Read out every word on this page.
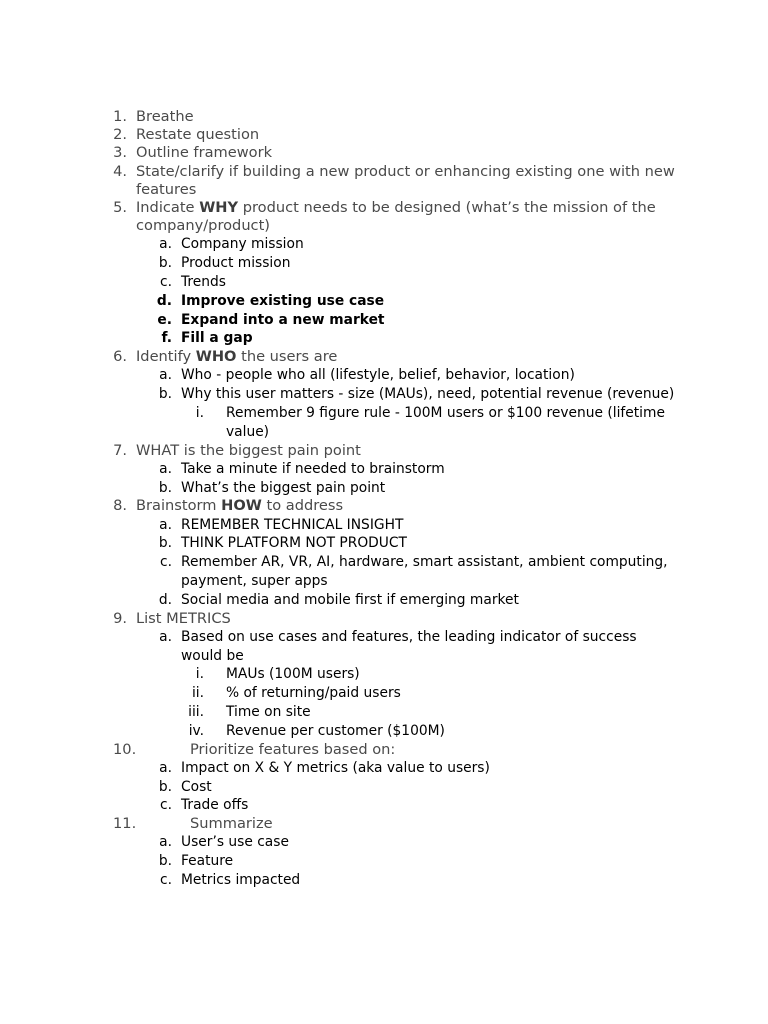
1. Breathe
2. Restate question
3. Outline framework
4. State/clarify if building a new product or enhancing existing one with new features
5. Indicate WHY product needs to be designed (what’s the mission of the company/product)
a. Company mission
b. Product mission
c. Trends
d. Improve existing use case
e. Expand into a new market
f. Fill a gap
6. Identify WHO the users are
a. Who - people who all (lifestyle, belief, behavior, location)
b. Why this user matters - size (MAUs), need, potential revenue (revenue)
i.	Remember 9 figure rule - 100M users or $100 revenue (lifetime value)
7. WHAT is the biggest pain point
a. Take a minute if needed to brainstorm
b. What’s the biggest pain point
8. Brainstorm HOW to address
a. REMEMBER TECHNICAL INSIGHT
b. THINK PLATFORM NOT PRODUCT
c. Remember AR, VR, AI, hardware, smart assistant, ambient computing, payment, super apps
d. Social media and mobile first if emerging market
9. List METRICS
a. Based on use cases and features, the leading indicator of success would be
i.	MAUs (100M users)
ii.	% of returning/paid users
iii.	Time on site
iv.	Revenue per customer ($100M)
10.	Prioritize features based on:
a. Impact on X & Y metrics (aka value to users)
b. Cost
c. Trade offs
11.	Summarize
a. User’s use case
b. Feature
c. Metrics impacted
